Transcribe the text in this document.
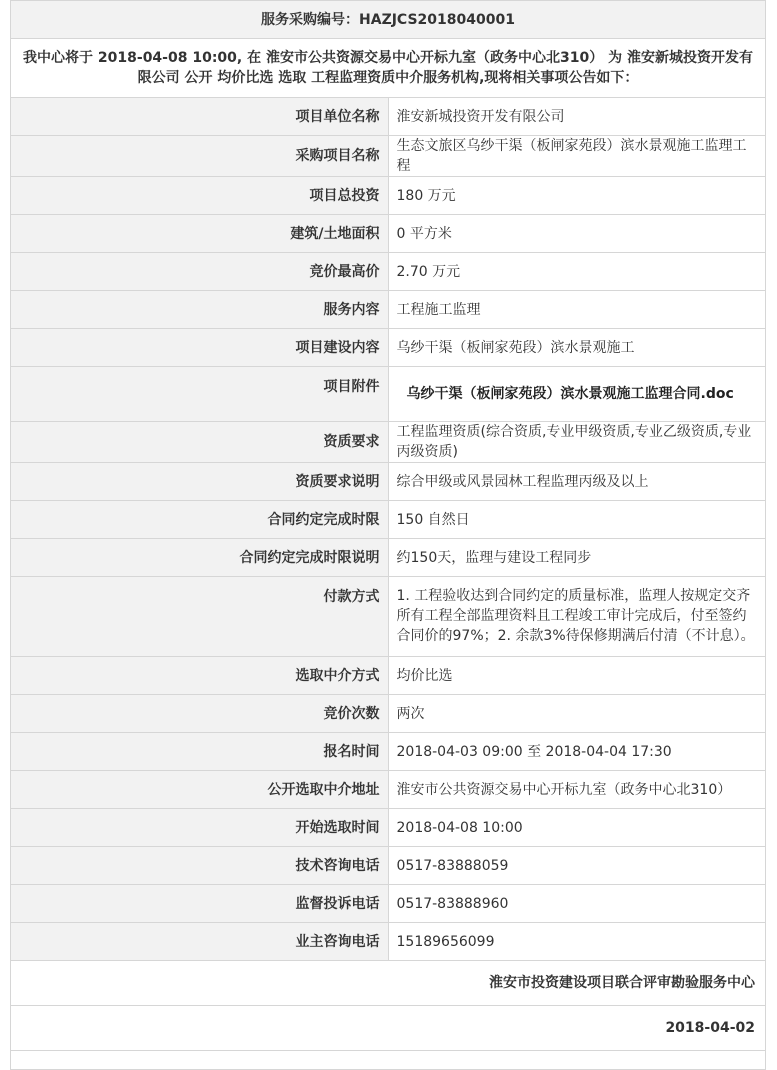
服务采购编号：HAZJCS2018040001	
我中心将于 2018-04-08 10:00, 在 淮安市公共资源交易中心开标九室（政务中心北310） 为 淮安新城投资开发有限公司 公开 均价比选 选取 工程监理资质中介服务机构,现将相关事项公告如下：	
项目单位名称	淮安新城投资开发有限公司
采购项目名称	生态文旅区乌纱干渠（板闸家苑段）滨水景观施工监理工程
项目总投资	180 万元
建筑/土地面积	0 平方米
竞价最高价	2.70 万元
服务内容	工程施工监理
项目建设内容	乌纱干渠（板闸家苑段）滨水景观施工
项目附件	乌纱干渠（板闸家苑段）滨水景观施工监理合同.doc
资质要求	工程监理资质(综合资质,专业甲级资质,专业乙级资质,专业丙级资质)
资质要求说明	综合甲级或风景园林工程监理丙级及以上
合同约定完成时限	150 自然日
合同约定完成时限说明	约150天，监理与建设工程同步
付款方式	1. 工程验收达到合同约定的质量标准，监理人按规定交齐所有工程全部监理资料且工程竣工审计完成后，付至签约合同价的97%；2. 余款3%待保修期满后付清（不计息）。
选取中介方式	均价比选
竞价次数	两次
报名时间	2018-04-03 09:00 至 2018-04-04 17:30
公开选取中介地址	淮安市公共资源交易中心开标九室（政务中心北310）
开始选取时间	2018-04-08 10:00
技术咨询电话	0517-83888059
监督投诉电话	0517-83888960
业主咨询电话	15189656099
淮安市投资建设项目联合评审勘验服务中心	
2018-04-02	
